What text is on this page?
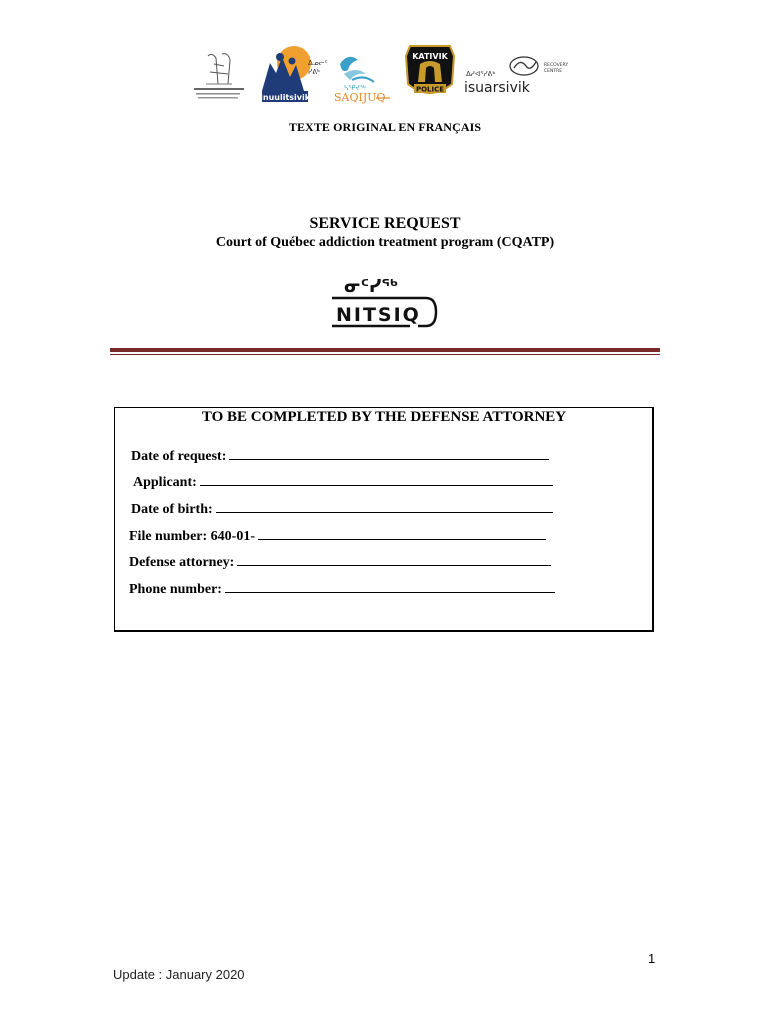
ᐃᓄᓕᑦ
ᓯᕕᒃ
Inuulitsivik
ᓴᕿᔪᖅ
SAQIJUQ
KATIVIK
POLICE
ᐃᓱᐊᕐᓯᕕᒃ
RECOVERY
CENTRE
isuarsivik
TEXTE ORIGINAL EN FRANÇAIS
SERVICE REQUEST
Court of Québec addiction treatment program (CQATP)
ᓂᑦᓯᖅ
NITSIQ
TO BE COMPLETED BY THE DEFENSE ATTORNEY
Date of request:
Applicant:
Date of birth:
File number: 640-01-
Defense attorney:
Phone number:
1
Update : January 2020
